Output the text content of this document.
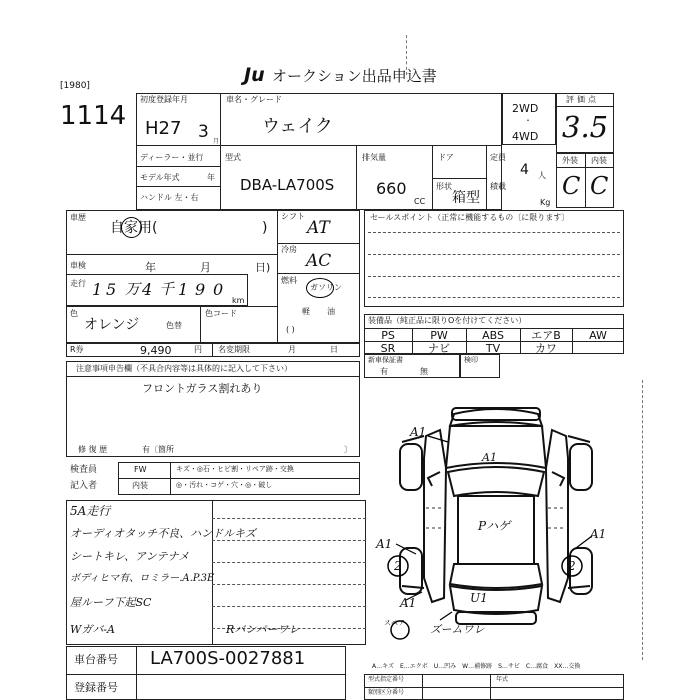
[1980]	Ju オークション出品申込書
1114
初度登録年月
H27 3 月
車名・グレード
ウェイク
2WD
・
4WD
評価点
3.5
ディーラー・並行
モデル年式	年
ハンドル 左・右
型式
DBA-LA700S
排気量
660
CC
ドア	定員
4 人
形状
箱型
積載
Kg
外装 内装
C C
車歴
自家用(	)
シフト
AT
冷房
AC
燃料
ガソリン
軽 油
( )
車検	年	月	日)
走行 1 5 万 4 千 1 9 0
km
色
オレンジ	色替
色コード
R券	9,490	円 名変期限	月	日
注意事項申告欄（不具合内容等は具体的に記入して下さい）
フロントガラス割れあり
修 復 歴	有〔箇所	〕
検査員
記入者
FW	キズ・◎石・ヒビ割・リペア跡・交換
内装	◎・汚れ・コゲ・穴・◎・破し
5A走行
オーディオタッチ不良、ハンドルキズ
シートキレ、アンテナメ
ボディヒマ有、ロミラー.A.P.3E
屋ルーフ下起SC
Wガバ-A	Rバンパーワレ
セールスポイント（正常に機能するもの〔に限ります〕
装備品（純正品に限りOを付けてください）
PS	PW	ABS	エアB	AW
SR	ナビ	TV	カワ
新車保証書
有	無
検印
A1
A1
A1
A1
A1	U1
Pハゲ
ズームワレ
2	2
スペア
A…キズ　E…エクボ　U…凹み　W…補修跡　S…サビ　C…腐食　XX…交換
車台番号 LA700S-0027881
登録番号
型式指定番号
類別区分番号
年式
